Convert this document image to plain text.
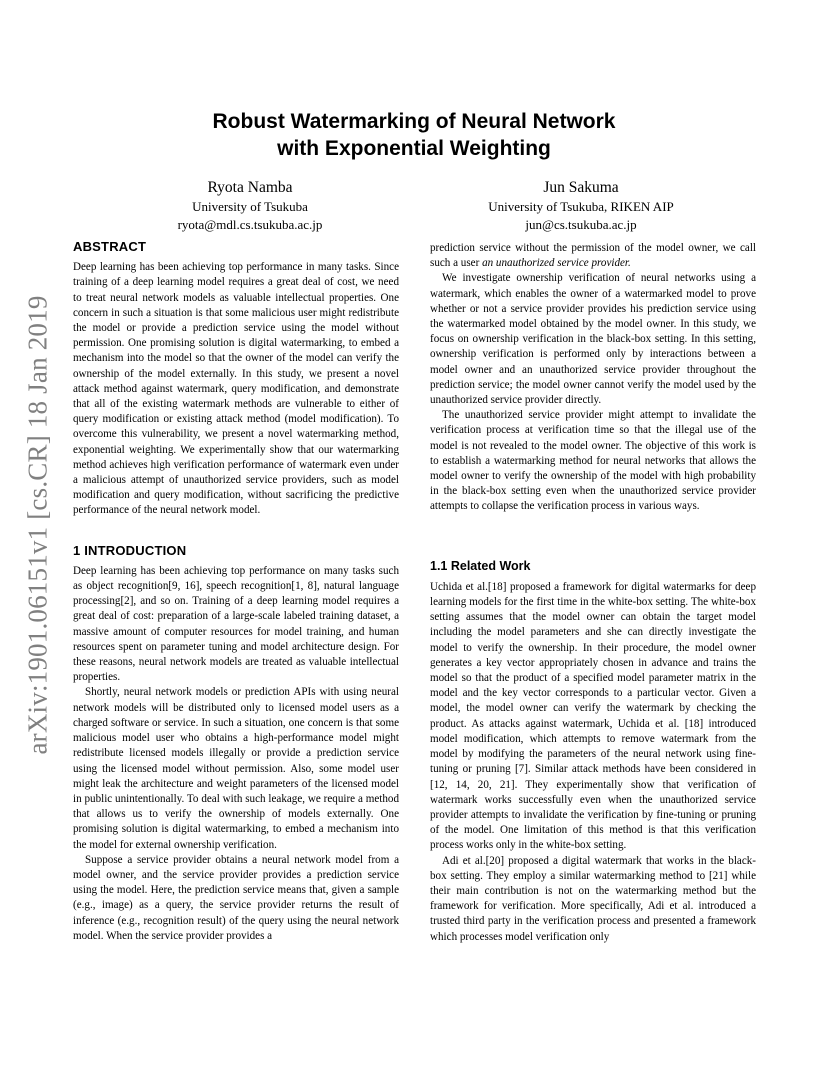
arXiv:1901.06151v1 [cs.CR] 18 Jan 2019
Robust Watermarking of Neural Network
with Exponential Weighting
Ryota Namba
University of Tsukuba
ryota@mdl.cs.tsukuba.ac.jp
Jun Sakuma
University of Tsukuba, RIKEN AIP
jun@cs.tsukuba.ac.jp
ABSTRACT

Deep learning has been achieving top performance in many tasks. Since training of a deep learning model requires a great deal of cost, we need to treat neural network models as valuable intellectual properties. One concern in such a situation is that some malicious user might redistribute the model or provide a prediction service using the model without permission. One promising solution is digital watermarking, to embed a mechanism into the model so that the owner of the model can verify the ownership of the model externally. In this study, we present a novel attack method against watermark, query modification, and demonstrate that all of the existing watermark methods are vulnerable to either of query modification or existing attack method (model modification). To overcome this vulnerability, we present a novel watermarking method, exponential weighting. We experimentally show that our watermarking method achieves high verification performance of watermark even under a malicious attempt of unauthorized service providers, such as model modification and query modification, without sacrificing the predictive performance of the neural network model.

1 INTRODUCTION

Deep learning has been achieving top performance on many tasks such as object recognition[9, 16], speech recognition[1, 8], natural language processing[2], and so on. Training of a deep learning model requires a great deal of cost: preparation of a large-scale labeled training dataset, a massive amount of computer resources for model training, and human resources spent on parameter tuning and model architecture design. For these reasons, neural network models are treated as valuable intellectual properties.

Shortly, neural network models or prediction APIs with using neural network models will be distributed only to licensed model users as a charged software or service. In such a situation, one concern is that some malicious model user who obtains a high-performance model might redistribute licensed models illegally or provide a prediction service using the licensed model without permission. Also, some model user might leak the architecture and weight parameters of the licensed model in public unintentionally. To deal with such leakage, we require a method that allows us to verify the ownership of models externally. One promising solution is digital watermarking, to embed a mechanism into the model for external ownership verification.

Suppose a service provider obtains a neural network model from a model owner, and the service provider provides a prediction service using the model. Here, the prediction service means that, given a sample (e.g., image) as a query, the service provider returns the result of inference (e.g., recognition result) of the query using the neural network model. When the service provider provides a

prediction service without the permission of the model owner, we call such a user an unauthorized service provider.

We investigate ownership verification of neural networks using a watermark, which enables the owner of a watermarked model to prove whether or not a service provider provides his prediction service using the watermarked model obtained by the model owner. In this study, we focus on ownership verification in the black-box setting. In this setting, ownership verification is performed only by interactions between a model owner and an unauthorized service provider throughout the prediction service; the model owner cannot verify the model used by the unauthorized service provider directly.

The unauthorized service provider might attempt to invalidate the verification process at verification time so that the illegal use of the model is not revealed to the model owner. The objective of this work is to establish a watermarking method for neural networks that allows the model owner to verify the ownership of the model with high probability in the black-box setting even when the unauthorized service provider attempts to collapse the verification process in various ways.

1.1 Related Work

Uchida et al.[18] proposed a framework for digital watermarks for deep learning models for the first time in the white-box setting. The white-box setting assumes that the model owner can obtain the target model including the model parameters and she can directly investigate the model to verify the ownership. In their procedure, the model owner generates a key vector appropriately chosen in advance and trains the model so that the product of a specified model parameter matrix in the model and the key vector corresponds to a particular vector. Given a model, the model owner can verify the watermark by checking the product. As attacks against watermark, Uchida et al. [18] introduced model modification, which attempts to remove watermark from the model by modifying the parameters of the neural network using fine-tuning or pruning [7]. Similar attack methods have been considered in [12, 14, 20, 21]. They experimentally show that verification of watermark works successfully even when the unauthorized service provider attempts to invalidate the verification by fine-tuning or pruning of the model. One limitation of this method is that this verification process works only in the white-box setting.

Adi et al.[20] proposed a digital watermark that works in the black-box setting. They employ a similar watermarking method to [21] while their main contribution is not on the watermarking method but the framework for verification. More specifically, Adi et al. introduced a trusted third party in the verification process and presented a framework which processes model verification only
